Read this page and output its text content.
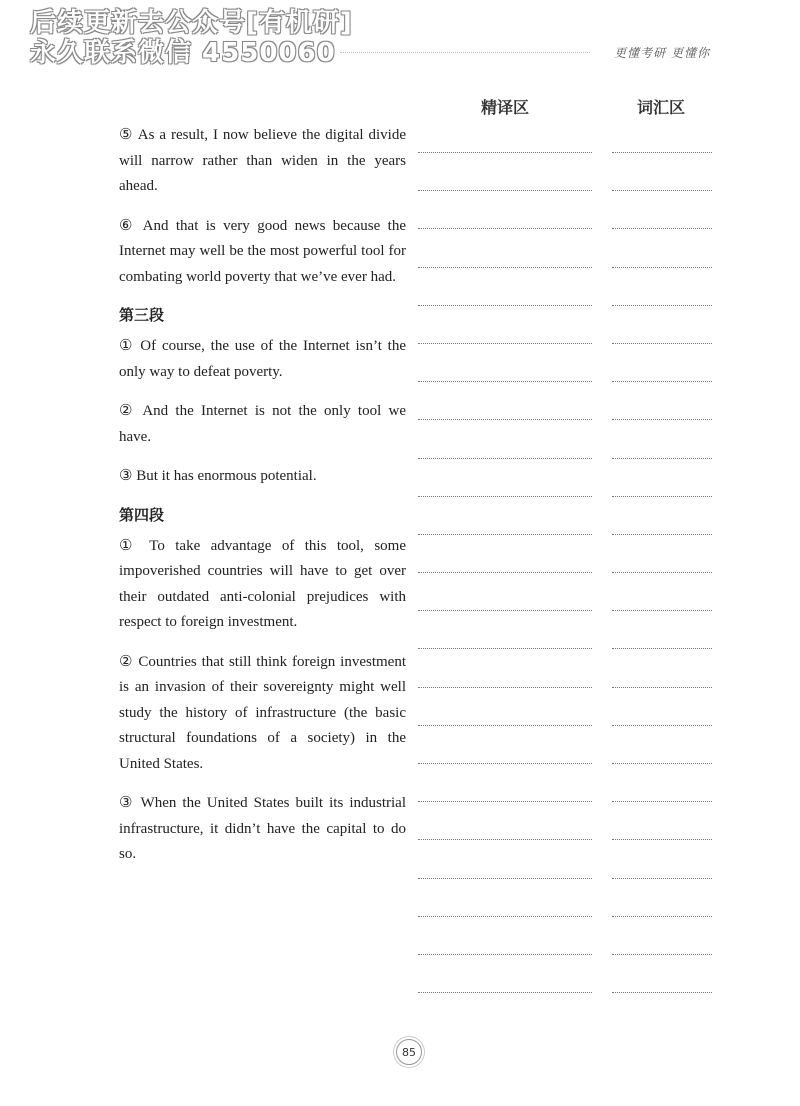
后续更新去公众号[有机研]
永久联系微信 4550060	更懂考研 更懂你
精译区	词汇区

⑤ As a result, I now believe the digital divide will narrow rather than widen in the years ahead.

⑥ And that is very good news because the Internet may well be the most powerful tool for combating world poverty that we’ve ever had.

第三段

① Of course, the use of the Internet isn’t the only way to defeat poverty.

② And the Internet is not the only tool we have.

③ But it has enormous potential.

第四段

① To take advantage of this tool, some impoverished countries will have to get over their outdated anti-colonial prejudices with respect to foreign investment.

② Countries that still think foreign investment is an invasion of their sovereignty might well study the history of infrastructure (the basic structural foundations of a society) in the United States.

③ When the United States built its industrial infrastructure, it didn’t have the capital to do so.

85
